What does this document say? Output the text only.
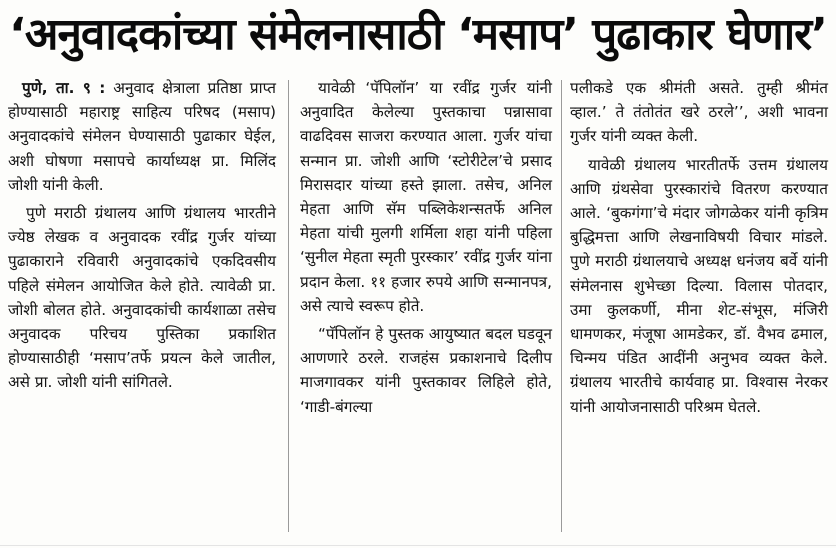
‘अनुवादकांच्या संमेलनासाठी ‘मसाप’ पुढाकार घेणार’

पुणे, ता. ९ : अनुवाद क्षेत्राला प्रतिष्ठा प्राप्त होण्यासाठी महाराष्ट्र साहित्य परिषद (मसाप) अनुवादकांचे संमेलन घेण्यासाठी पुढाकार घेईल, अशी घोषणा मसापचे कार्याध्यक्ष प्रा. मिलिंद जोशी यांनी केली.

पुणे मराठी ग्रंथालय आणि ग्रंथालय भारतीने ज्येष्ठ लेखक व अनुवादक रवींद्र गुर्जर यांच्या पुढाकाराने रविवारी अनुवादकांचे एकदिवसीय पहिले संमेलन आयोजित केले होते. त्यावेळी प्रा. जोशी बोलत होते. अनुवादकांची कार्यशाळा तसेच अनुवादक परिचय पुस्तिका प्रकाशित होण्यासाठीही ‘मसाप’तर्फे प्रयत्न केले जातील, असे प्रा. जोशी यांनी सांगितले.

यावेळी ‘पॅपिलॉन’ या रवींद्र गुर्जर यांनी अनुवादित केलेल्या पुस्तकाचा पन्नासावा वाढदिवस साजरा करण्यात आला. गुर्जर यांचा सन्मान प्रा. जोशी आणि ‘स्टोरीटेल’चे प्रसाद मिरासदार यांच्या हस्ते झाला. तसेच, अनिल मेहता आणि सॅम पब्लिकेशन्सतर्फे अनिल मेहता यांची मुलगी शर्मिला शहा यांनी पहिला ‘सुनील मेहता स्मृती पुरस्कार’ रवींद्र गुर्जर यांना प्रदान केला. ११ हजार रुपये आणि सन्मानपत्र, असे त्याचे स्वरूप होते.

“पॅपिलॉन हे पुस्तक आयुष्यात बदल घडवून आणणारे ठरले. राजहंस प्रकाशनाचे दिलीप माजगावकर यांनी पुस्तकावर लिहिले होते, ‘गाडी-बंगल्या

पलीकडे एक श्रीमंती असते. तुम्ही श्रीमंत व्हाल.’ ते तंतोतंत खरे ठरले’’, अशी भावना गुर्जर यांनी व्यक्त केली.

यावेळी ग्रंथालय भारतीतर्फे उत्तम ग्रंथालय आणि ग्रंथसेवा पुरस्कारांचे वितरण करण्यात आले. ‘बुकगंगा’चे मंदार जोगळेकर यांनी कृत्रिम बुद्धिमत्ता आणि लेखनाविषयी विचार मांडले. पुणे मराठी ग्रंथालयाचे अध्यक्ष धनंजय बर्वे यांनी संमेलनास शुभेच्छा दिल्या. विलास पोतदार, उमा कुलकर्णी, मीना शेट-संभूस, मंजिरी धामणकर, मंजूषा आमडेकर, डॉ. वैभव ढमाल, चिन्मय पंडित आदींनी अनुभव व्यक्त केले. ग्रंथालय भारतीचे कार्यवाह प्रा. विश्वास नेरकर यांनी आयोजनासाठी परिश्रम घेतले.
